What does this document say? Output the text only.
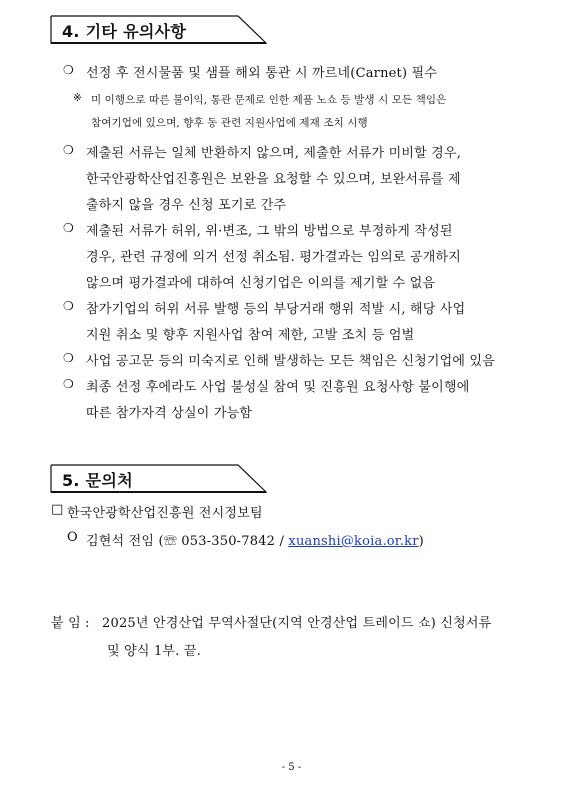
4. 기타 유의사항
❍ 선정 후 전시물품 및 샘플 해외 통관 시 까르네(Carnet) 필수
※ 미 이행으로 따른 불이익, 통관 문제로 인한 제품 노쇼 등 발생 시 모든 책임은
참여기업에 있으며, 향후 동 관련 지원사업에 제재 조치 시행
❍ 제출된 서류는 일체 반환하지 않으며, 제출한 서류가 미비할 경우,
한국안광학산업진흥원은 보완을 요청할 수 있으며, 보완서류를 제
출하지 않을 경우 신청 포기로 간주
❍ 제출된 서류가 허위, 위·변조, 그 밖의 방법으로 부정하게 작성된
경우, 관련 규정에 의거 선정 취소됨. 평가결과는 임의로 공개하지
않으며 평가결과에 대하여 신청기업은 이의를 제기할 수 없음
❍ 참가기업의 허위 서류 발행 등의 부당거래 행위 적발 시, 해당 사업
지원 취소 및 향후 지원사업 참여 제한, 고발 조치 등 엄벌
❍ 사업 공고문 등의 미숙지로 인해 발생하는 모든 책임은 신청기업에 있음
❍ 최종 선정 후에라도 사업 불성실 참여 및 진흥원 요청사항 불이행에
따른 참가자격 상실이 가능함
5. 문의처
□ 한국안광학산업진흥원 전시정보팀
O 김현석 전임 (☏ 053-350-7842 / xuanshi@koia.or.kr)
붙 임 : 2025년 안경산업 무역사절단(지역 안경산업 트레이드 쇼) 신청서류
및 양식 1부. 끝.
- 5 -
